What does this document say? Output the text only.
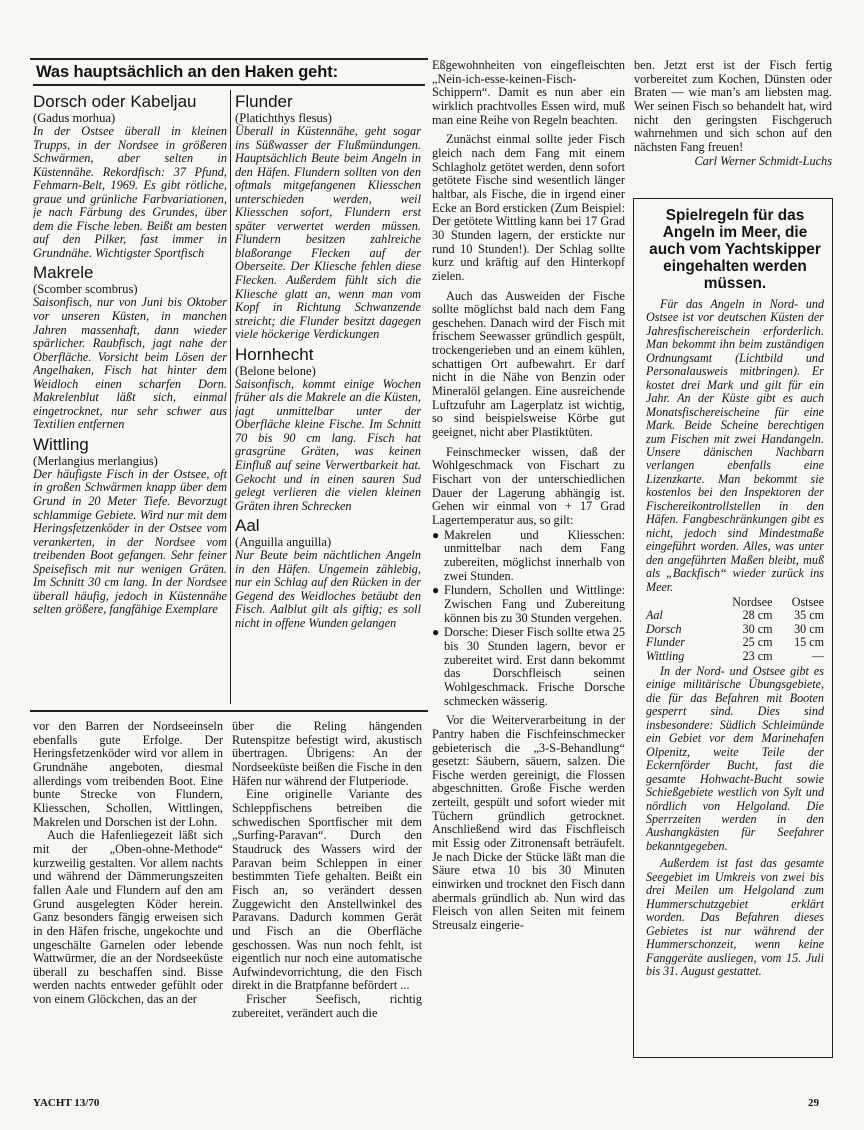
Was hauptsächlich an den Haken geht:
Dorsch oder Kabeljau
(Gadus morhua)
In der Ostsee überall in kleinen Trupps, in der Nordsee in größeren Schwärmen, aber selten in Küstennähe. Rekordfisch: 37 Pfund, Fehmarn-Belt, 1969. Es gibt rötliche, graue und grünliche Farbvariationen, je nach Färbung des Grundes, über dem die Fische leben. Beißt am besten auf den Pilker, fast immer in Grundnähe. Wichtigster Sportfisch
Makrele
(Scomber scombrus)
Saisonfisch, nur von Juni bis Oktober vor unseren Küsten, in manchen Jahren massenhaft, dann wieder spärlicher. Raubfisch, jagt nahe der Oberfläche. Vorsicht beim Lösen der Angelhaken, Fisch hat hinter dem Weidloch einen scharfen Dorn. Makrelenblut läßt sich, einmal eingetrocknet, nur sehr schwer aus Textilien entfernen
Wittling
(Merlangius merlangius)
Der häufigste Fisch in der Ostsee, oft in großen Schwärmen knapp über dem Grund in 20 Meter Tiefe. Bevorzugt schlammige Gebiete. Wird nur mit dem Heringsfetzenköder in der Ostsee vom verankerten, in der Nordsee vom treibenden Boot gefangen. Sehr feiner Speisefisch mit nur wenigen Gräten. Im Schnitt 30 cm lang. In der Nordsee überall häufig, jedoch in Küstennähe selten größere, fangfähige Exemplare
Flunder
(Platichthys flesus)
Überall in Küstennähe, geht sogar ins Süßwasser der Flußmündungen. Hauptsächlich Beute beim Angeln in den Häfen. Flundern sollten von den oftmals mitgefangenen Kliesschen unterschieden werden, weil Kliesschen sofort, Flundern erst später verwertet werden müssen. Flundern besitzen zahlreiche blaßorange Flecken auf der Oberseite. Der Kliesche fehlen diese Flecken. Außerdem fühlt sich die Kliesche glatt an, wenn man vom Kopf in Richtung Schwanzende streicht; die Flunder besitzt dagegen viele höckerige Verdickungen
Hornhecht
(Belone belone)
Saisonfisch, kommt einige Wochen früher als die Makrele an die Küsten, jagt unmittelbar unter der Oberfläche kleine Fische. Im Schnitt 70 bis 90 cm lang. Fisch hat grasgrüne Gräten, was keinen Einfluß auf seine Verwertbarkeit hat. Gekocht und in einen sauren Sud gelegt verlieren die vielen kleinen Gräten ihren Schrecken
Aal
(Anguilla anguilla)
Nur Beute beim nächtlichen Angeln in den Häfen. Ungemein zählebig, nur ein Schlag auf den Rücken in der Gegend des Weidloches betäubt den Fisch. Aalblut gilt als giftig; es soll nicht in offene Wunden gelangen

vor den Barren der Nordseeinseln ebenfalls gute Erfolge. Der Heringsfetzenköder wird vor allem in Grundnähe angeboten, diesmal allerdings vom treibenden Boot. Eine bunte Strecke von Flundern, Kliesschen, Schollen, Wittlingen, Makrelen und Dorschen ist der Lohn.

Auch die Hafenliegezeit läßt sich mit der „Oben-ohne-Methode“ kurzweilig gestalten. Vor allem nachts und während der Dämmerungszeiten fallen Aale und Flundern auf den am Grund ausgelegten Köder herein. Ganz besonders fängig erweisen sich in den Häfen frische, ungekochte und ungeschälte Garnelen oder lebende Wattwürmer, die an der Nordseeküste überall zu beschaffen sind. Bisse werden nachts entweder gefühlt oder von einem Glöckchen, das an der

über die Reling hängenden Rutenspitze befestigt wird, akustisch übertragen. Übrigens: An der Nordseeküste beißen die Fische in den Häfen nur während der Flutperiode.

Eine originelle Variante des Schleppfischens betreiben die schwedischen Sportfischer mit dem „Surfing-Paravan“. Durch den Staudruck des Wassers wird der Paravan beim Schleppen in einer bestimmten Tiefe gehalten. Beißt ein Fisch an, so verändert dessen Zuggewicht den Anstellwinkel des Paravans. Dadurch kommen Gerät und Fisch an die Oberfläche geschossen. Was nun noch fehlt, ist eigentlich nur noch eine automatische Aufwindevorrichtung, die den Fisch direkt in die Bratpfanne befördert ...

Frischer Seefisch, richtig zubereitet, verändert auch die

Eßgewohnheiten von eingefleischten „Nein-ich-esse-keinen-Fisch-Schippern“. Damit es nun aber ein wirklich prachtvolles Essen wird, muß man eine Reihe von Regeln beachten.

Zunächst einmal sollte jeder Fisch gleich nach dem Fang mit einem Schlagholz getötet werden, denn sofort getötete Fische sind wesentlich länger haltbar, als Fische, die in irgend einer Ecke an Bord ersticken (Zum Beispiel: Der getötete Wittling kann bei 17 Grad 30 Stunden lagern, der erstickte nur rund 10 Stunden!). Der Schlag sollte kurz und kräftig auf den Hinterkopf zielen.

Auch das Ausweiden der Fische sollte möglichst bald nach dem Fang geschehen. Danach wird der Fisch mit frischem Seewasser gründlich gespült, trockengerieben und an einem kühlen, schattigen Ort aufbewahrt. Er darf nicht in die Nähe von Benzin oder Mineralöl gelangen. Eine ausreichende Luftzufuhr am Lagerplatz ist wichtig, so sind beispielsweise Körbe gut geeignet, nicht aber Plastiktüten.

Feinschmecker wissen, daß der Wohlgeschmack von Fischart zu Fischart von der unterschiedlichen Dauer der Lagerung abhängig ist. Gehen wir einmal von + 17 Grad Lagertemperatur aus, so gilt:

● Makrelen und Kliesschen: unmittelbar nach dem Fang zubereiten, möglichst innerhalb von zwei Stunden.
● Flundern, Schollen und Wittlinge: Zwischen Fang und Zubereitung können bis zu 30 Stunden vergehen.
● Dorsche: Dieser Fisch sollte etwa 25 bis 30 Stunden lagern, bevor er zubereitet wird. Erst dann bekommt das Dorschfleisch seinen Wohlgeschmack. Frische Dorsche schmecken wässerig.

Vor die Weiterverarbeitung in der Pantry haben die Fischfeinschmecker gebieterisch die „3-S-Behandlung“ gesetzt: Säubern, säuern, salzen. Die Fische werden gereinigt, die Flossen abgeschnitten. Große Fische werden zerteilt, gespült und sofort wieder mit Tüchern gründlich getrocknet. Anschließend wird das Fischfleisch mit Essig oder Zitronensaft beträufelt. Je nach Dicke der Stücke läßt man die Säure etwa 10 bis 30 Minuten einwirken und trocknet den Fisch dann abermals gründlich ab. Nun wird das Fleisch von allen Seiten mit feinem Streusalz eingerie-

ben. Jetzt erst ist der Fisch fertig vorbereitet zum Kochen, Dünsten oder Braten — wie man’s am liebsten mag. Wer seinen Fisch so behandelt hat, wird nicht den geringsten Fischgeruch wahrnehmen und sich schon auf den nächsten Fang freuen!

Carl Werner Schmidt-Luchs
Spielregeln für das Angeln im Meer, die auch vom Yachtskipper eingehalten werden müssen.

Für das Angeln in Nord- und Ostsee ist vor deutschen Küsten der Jahresfischereischein erforderlich. Man bekommt ihn beim zuständigen Ordnungsamt (Lichtbild und Personalausweis mitbringen). Er kostet drei Mark und gilt für ein Jahr. An der Küste gibt es auch Monatsfischereischeine für eine Mark. Beide Scheine berechtigen zum Fischen mit zwei Handangeln. Unsere dänischen Nachbarn verlangen ebenfalls eine Lizenzkarte. Man bekommt sie kostenlos bei den Inspektoren der Fischereikontrollstellen in den Häfen. Fangbeschränkungen gibt es nicht, jedoch sind Mindestmaße eingeführt worden. Alles, was unter den angeführten Maßen bleibt, muß als „Backfisch“ wieder zurück ins Meer.

	Nordsee	Ostsee
Aal	28 cm	35 cm
Dorsch	30 cm	30 cm
Flunder	25 cm	15 cm
Wittling	23 cm	—

In der Nord- und Ostsee gibt es einige militärische Übungsgebiete, die für das Befahren mit Booten gesperrt sind. Dies sind insbesondere: Südlich Schleimünde ein Gebiet vor dem Marinehafen Olpenitz, weite Teile der Eckernförder Bucht, fast die gesamte Hohwacht-Bucht sowie Schießgebiete westlich von Sylt und nördlich von Helgoland. Die Sperrzeiten werden in den Aushangkästen für Seefahrer bekanntgegeben.

Außerdem ist fast das gesamte Seegebiet im Umkreis von zwei bis drei Meilen um Helgoland zum Hummerschutzgebiet erklärt worden. Das Befahren dieses Gebietes ist nur während der Hummerschonzeit, wenn keine Fanggeräte ausliegen, vom 15. Juli bis 31. August gestattet.

YACHT 13/70	29
